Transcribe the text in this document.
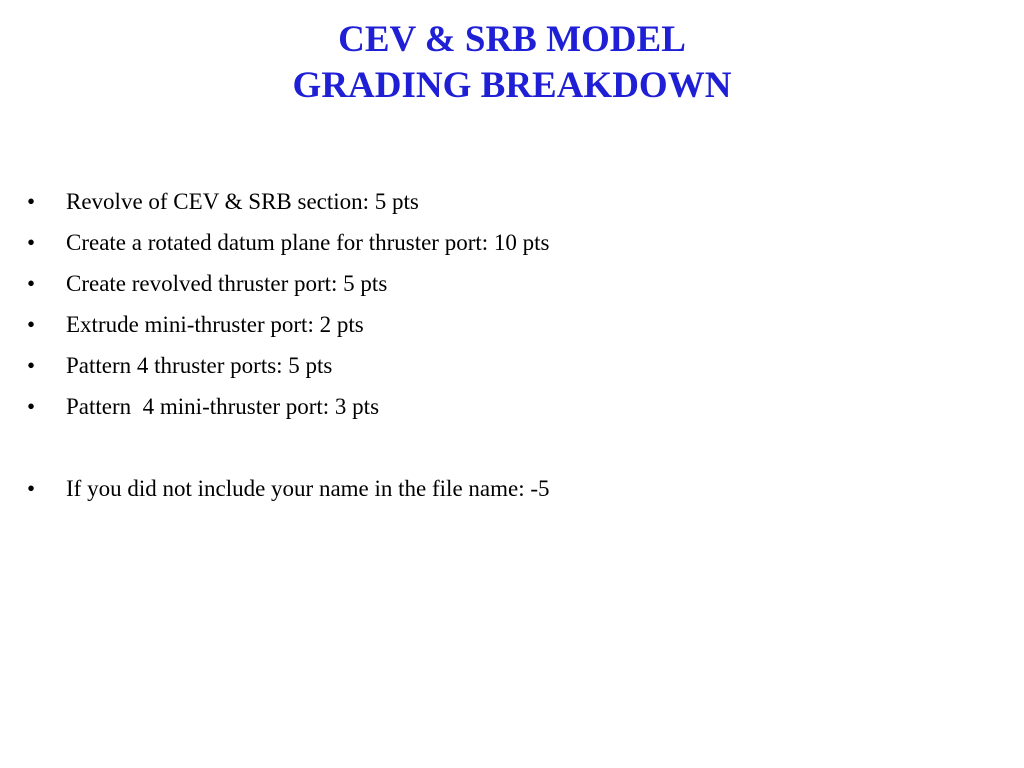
CEV & SRB MODEL
GRADING BREAKDOWN

•

Revolve of CEV & SRB section: 5 pts

•

Create a rotated datum plane for thruster port: 10 pts

•

Create revolved thruster port: 5 pts

•

Extrude mini-thruster port: 2 pts

•

Pattern 4 thruster ports: 5 pts

•

Pattern  4 mini-thruster port: 3 pts

•

If you did not include your name in the file name: -5
